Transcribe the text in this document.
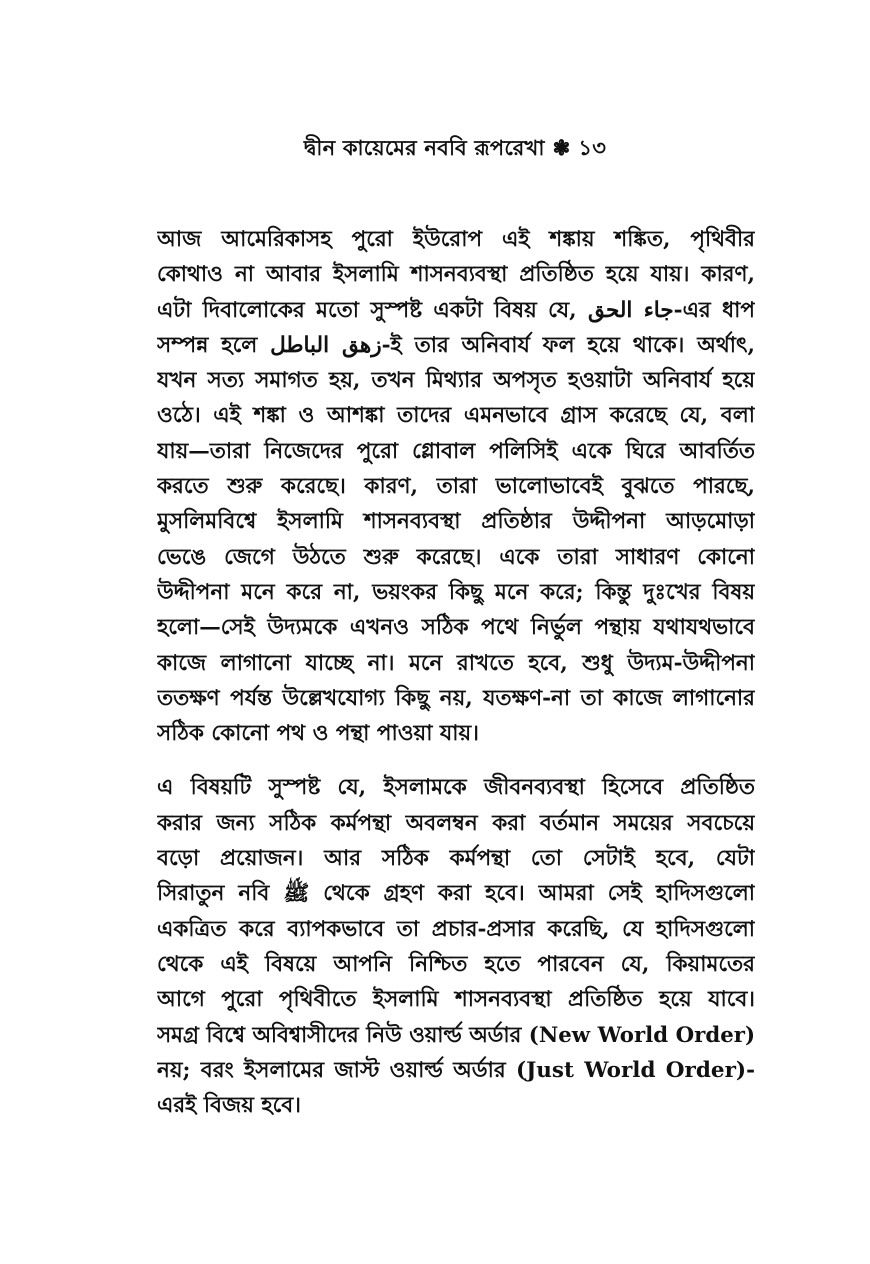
দ্বীন কায়েমের নববি রূপরেখা ❃ ১৩

আজ আমেরিকাসহ পুরো ইউরোপ এই শঙ্কায় শঙ্কিত, পৃথিবীর
কোথাও না আবার ইসলামি শাসনব্যবস্থা প্রতিষ্ঠিত হয়ে যায়। কারণ,
এটা দিবালোকের মতো সুস্পষ্ট একটা বিষয় যে, جاء الحق-এর ধাপ
সম্পন্ন হলে زهق الباطل-ই তার অনিবার্য ফল হয়ে থাকে। অর্থাৎ,
যখন সত্য সমাগত হয়, তখন মিথ্যার অপসৃত হওয়াটা অনিবার্য হয়ে
ওঠে। এই শঙ্কা ও আশঙ্কা তাদের এমনভাবে গ্রাস করেছে যে, বলা
যায়—তারা নিজেদের পুরো গ্লোবাল পলিসিই একে ঘিরে আবর্তিত
করতে শুরু করেছে। কারণ, তারা ভালোভাবেই বুঝতে পারছে,
মুসলিমবিশ্বে ইসলামি শাসনব্যবস্থা প্রতিষ্ঠার উদ্দীপনা আড়মোড়া
ভেঙে জেগে উঠতে শুরু করেছে। একে তারা সাধারণ কোনো
উদ্দীপনা মনে করে না, ভয়ংকর কিছু মনে করে; কিন্তু দুঃখের বিষয়
হলো—সেই উদ্যমকে এখনও সঠিক পথে নির্ভুল পন্থায় যথাযথভাবে
কাজে লাগানো যাচ্ছে না। মনে রাখতে হবে, শুধু উদ্যম-উদ্দীপনা
ততক্ষণ পর্যন্ত উল্লেখযোগ্য কিছু নয়, যতক্ষণ-না তা কাজে লাগানোর
সঠিক কোনো পথ ও পন্থা পাওয়া যায়।

এ বিষয়টি সুস্পষ্ট যে, ইসলামকে জীবনব্যবস্থা হিসেবে প্রতিষ্ঠিত
করার জন্য সঠিক কর্মপন্থা অবলম্বন করা বর্তমান সময়ের সবচেয়ে
বড়ো প্রয়োজন। আর সঠিক কর্মপন্থা তো সেটাই হবে, যেটা
সিরাতুন নবি ﷺ থেকে গ্রহণ করা হবে। আমরা সেই হাদিসগুলো
একত্রিত করে ব্যাপকভাবে তা প্রচার-প্রসার করেছি, যে হাদিসগুলো
থেকে এই বিষয়ে আপনি নিশ্চিত হতে পারবেন যে, কিয়ামতের
আগে পুরো পৃথিবীতে ইসলামি শাসনব্যবস্থা প্রতিষ্ঠিত হয়ে যাবে।
সমগ্র বিশ্বে অবিশ্বাসীদের নিউ ওয়ার্ল্ড অর্ডার (New World Order)
নয়; বরং ইসলামের জাস্ট ওয়ার্ল্ড অর্ডার (Just World Order)-
এরই বিজয় হবে।
